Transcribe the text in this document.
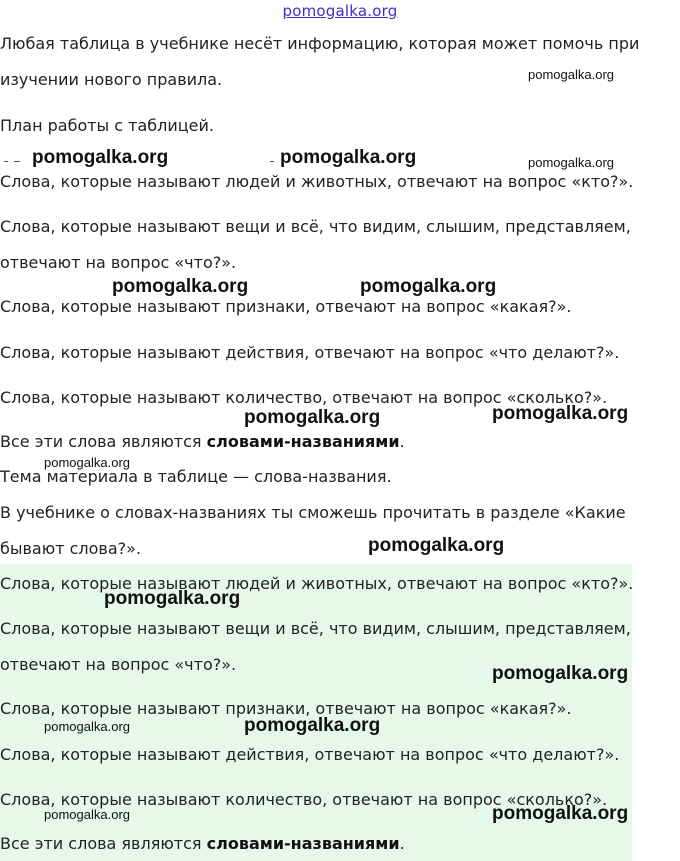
pomogalka.org

Любая таблица в учебнике несёт информацию, которая может помочь при

изучении нового правила.

План работы с таблицей.

Слова, которые называют людей и животных, отвечают на вопрос «кто?».

Слова, которые называют вещи и всё, что видим, слышим, представляем,

отвечают на вопрос «что?».

Слова, которые называют признаки, отвечают на вопрос «какая?».

Слова, которые называют действия, отвечают на вопрос «что делают?».

Слова, которые называют количество, отвечают на вопрос «сколько?».

Все эти слова являются словами-названиями.

Тема материала в таблице — слова-названия.

В учебнике о словах-названиях ты сможешь прочитать в разделе «Какие

бывают слова?».

Слова, которые называют людей и животных, отвечают на вопрос «кто?».

Слова, которые называют вещи и всё, что видим, слышим, представляем,

отвечают на вопрос «что?».

Слова, которые называют признаки, отвечают на вопрос «какая?».

Слова, которые называют действия, отвечают на вопрос «что делают?».

Слова, которые называют количество, отвечают на вопрос «сколько?».

Все эти слова являются словами-названиями.

pomogalka.org
pomogalka.org	pomogalka.org	pomogalka.org
pomogalka.org	pomogalka.org
pomogalka.org	pomogalka.org
pomogalka.org
pomogalka.org
pomogalka.org
pomogalka.org
pomogalka.org	pomogalka.org
pomogalka.org	pomogalka.org
